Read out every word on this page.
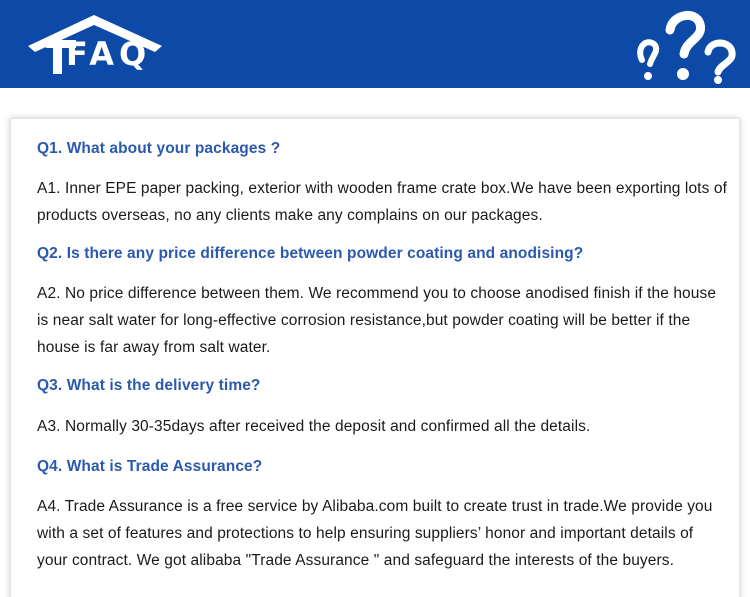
FAQ
Q1. What about your packages ?
A1. Inner EPE paper packing, exterior with wooden frame crate box.We have been exporting lots of products overseas, no any clients make any complains on our packages.
Q2. Is there any price difference between powder coating and anodising?
A2. No price difference between them. We recommend you to choose anodised finish if the house is near salt water for long-effective corrosion resistance,but powder coating will be better if the house is far away from salt water.
Q3. What is the delivery time?
A3. Normally 30-35days after received the deposit and confirmed all the details.
Q4. What is Trade Assurance?
A4. Trade Assurance is a free service by Alibaba.com built to create trust in trade.We provide you with a set of features and protections to help ensuring suppliers’ honor and important details of your contract. We got alibaba "Trade Assurance " and safeguard the interests of the buyers.
